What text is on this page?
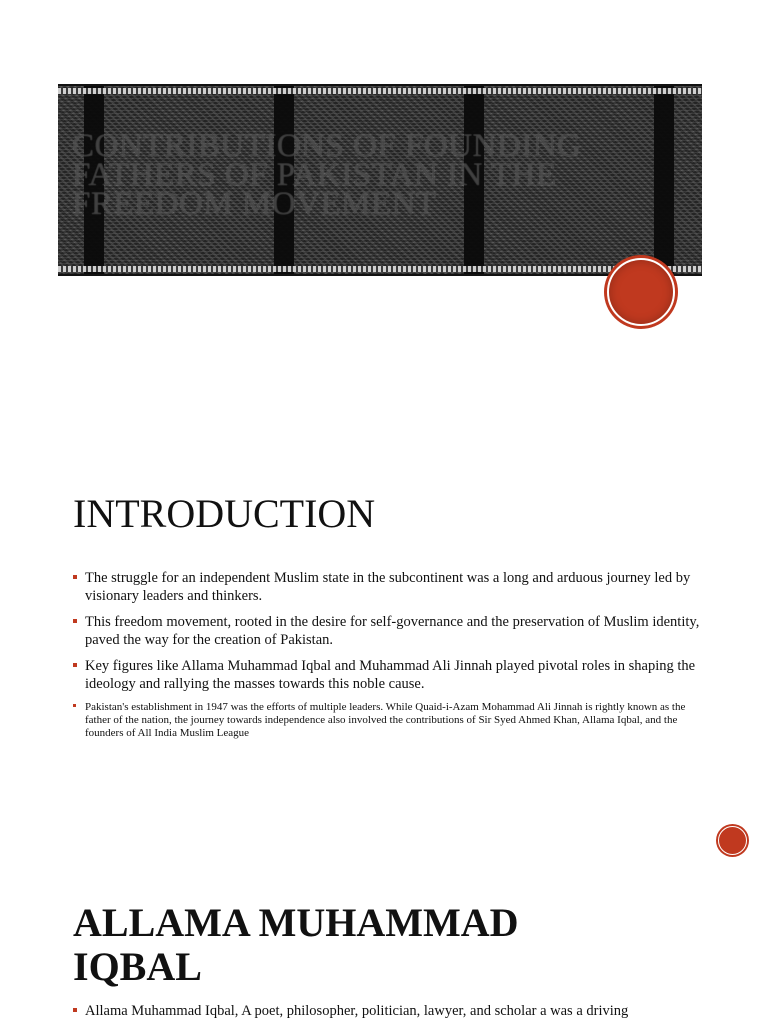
CONTRIBUTIONS OF FOUNDING FATHERS OF PAKISTAN IN THE FREEDOM MOVEMENT
INTRODUCTION
The struggle for an independent Muslim state in the subcontinent was a long and arduous journey led by visionary leaders and thinkers.
This freedom movement, rooted in the desire for self-governance and the preservation of Muslim identity, paved the way for the creation of Pakistan.
Key figures like Allama Muhammad Iqbal and Muhammad Ali Jinnah played pivotal roles in shaping the ideology and rallying the masses towards this noble cause.
Pakistan's establishment in 1947 was the efforts of multiple leaders. While Quaid-i-Azam Mohammad Ali Jinnah is rightly known as the father of the nation, the journey towards independence also involved the contributions of Sir Syed Ahmed Khan, Allama Iqbal, and the founders of All India Muslim League
ALLAMA MUHAMMAD IQBAL
Allama Muhammad Iqbal, A poet, philosopher, politician, lawyer, and scholar a was a driving
